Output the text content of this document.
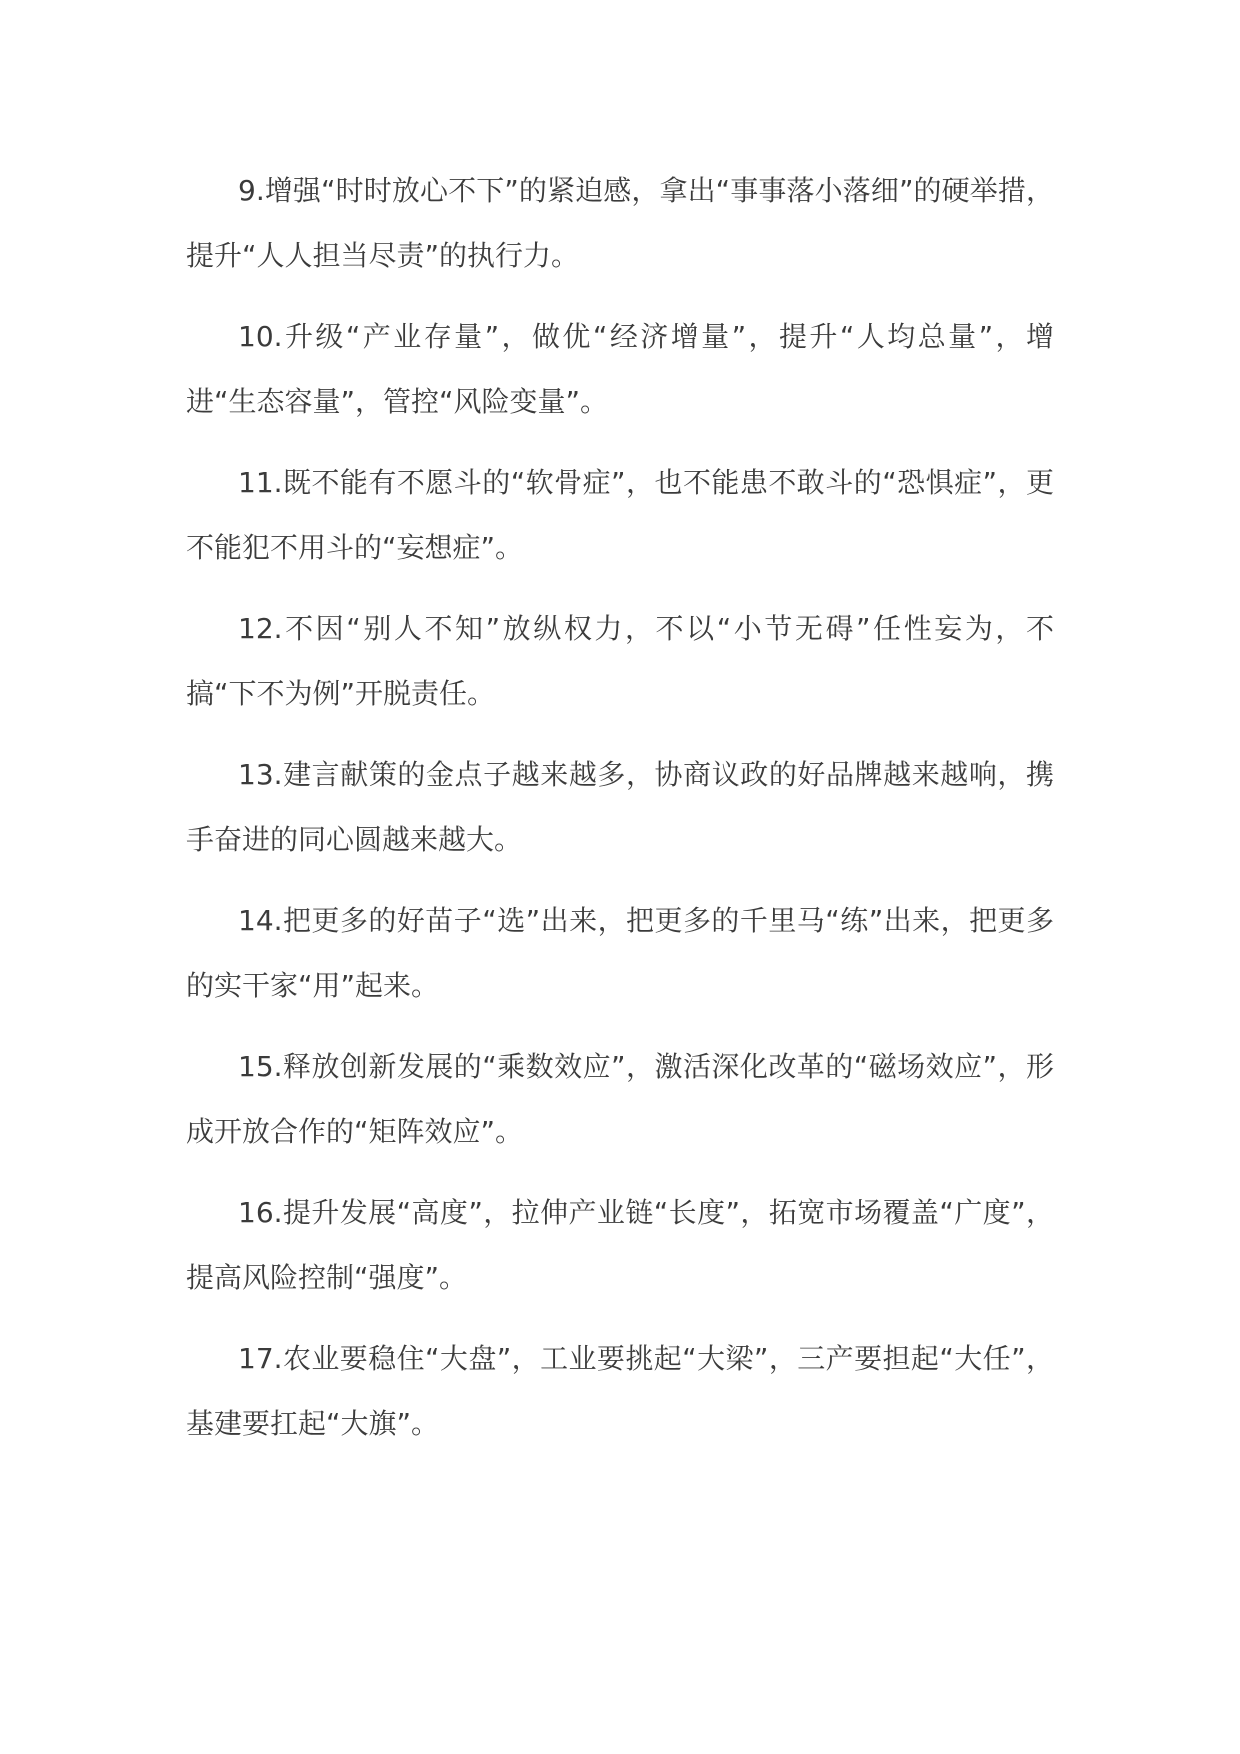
9.增强“时时放心不下”的紧迫感，拿出“事事落小落细”的硬举措，提升“人人担当尽责”的执行力。

10.升级“产业存量”，做优“经济增量”，提升“人均总量”，增进“生态容量”，管控“风险变量”。

11.既不能有不愿斗的“软骨症”，也不能患不敢斗的“恐惧症”，更不能犯不用斗的“妄想症”。

12.不因“别人不知”放纵权力，不以“小节无碍”任性妄为，不搞“下不为例”开脱责任。

13.建言献策的金点子越来越多，协商议政的好品牌越来越响，携手奋进的同心圆越来越大。

14.把更多的好苗子“选”出来，把更多的千里马“练”出来，把更多的实干家“用”起来。

15.释放创新发展的“乘数效应”，激活深化改革的“磁场效应”，形成开放合作的“矩阵效应”。

16.提升发展“高度”，拉伸产业链“长度”，拓宽市场覆盖“广度”，提高风险控制“强度”。

17.农业要稳住“大盘”，工业要挑起“大梁”，三产要担起“大任”，基建要扛起“大旗”。
